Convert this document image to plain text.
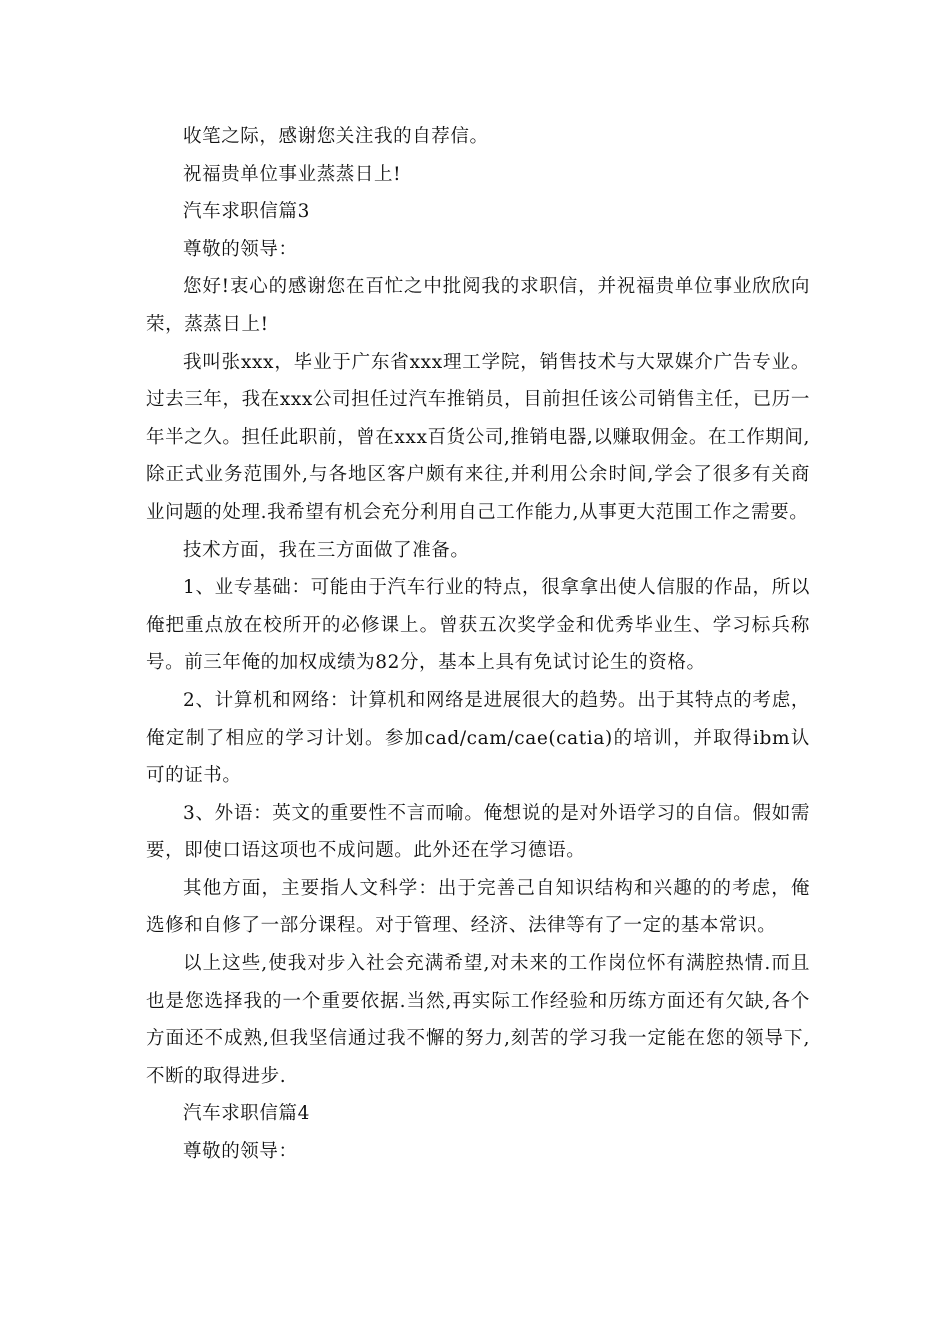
收笔之际，感谢您关注我的自荐信。

祝福贵单位事业蒸蒸日上!

汽车求职信篇3

尊敬的领导：

您好!衷心的感谢您在百忙之中批阅我的求职信，并祝福贵单位事业欣欣向荣，蒸蒸日上!

我叫张xxx，毕业于广东省xxx理工学院，销售技术与大眾媒介广告专业。过去三年，我在xxx公司担任过汽车推销员，目前担任该公司销售主任，已历一年半之久。担任此职前，曾在xxx百货公司,推销电器,以赚取佣金。在工作期间,除正式业务范围外,与各地区客户颇有来往,并利用公余时间,学会了很多有关商业问题的处理.我希望有机会充分利用自己工作能力,从事更大范围工作之需要。

技术方面，我在三方面做了准备。

1、业专基础：可能由于汽车行业的特点，很拿拿出使人信服的作品，所以俺把重点放在校所开的必修课上。曾获五次奖学金和优秀毕业生、学习标兵称号。前三年俺的加权成绩为82分，基本上具有免试讨论生的资格。

2、计算机和网络：计算机和网络是进展很大的趋势。出于其特点的考虑，俺定制了相应的学习计划。参加cad/cam/cae(catia)的培训，并取得ibm认可的证书。

3、外语：英文的重要性不言而喻。俺想说的是对外语学习的自信。假如需要，即使口语这项也不成问题。此外还在学习德语。

其他方面，主要指人文科学：出于完善己自知识结构和兴趣的的考虑，俺选修和自修了一部分课程。对于管理、经济、法律等有了一定的基本常识。

以上这些,使我对步入社会充满希望,对未来的工作岗位怀有满腔热情.而且也是您选择我的一个重要依据.当然,再实际工作经验和历练方面还有欠缺,各个方面还不成熟,但我坚信通过我不懈的努力,刻苦的学习我一定能在您的领导下,不断的取得进步.

汽车求职信篇4

尊敬的领导：
